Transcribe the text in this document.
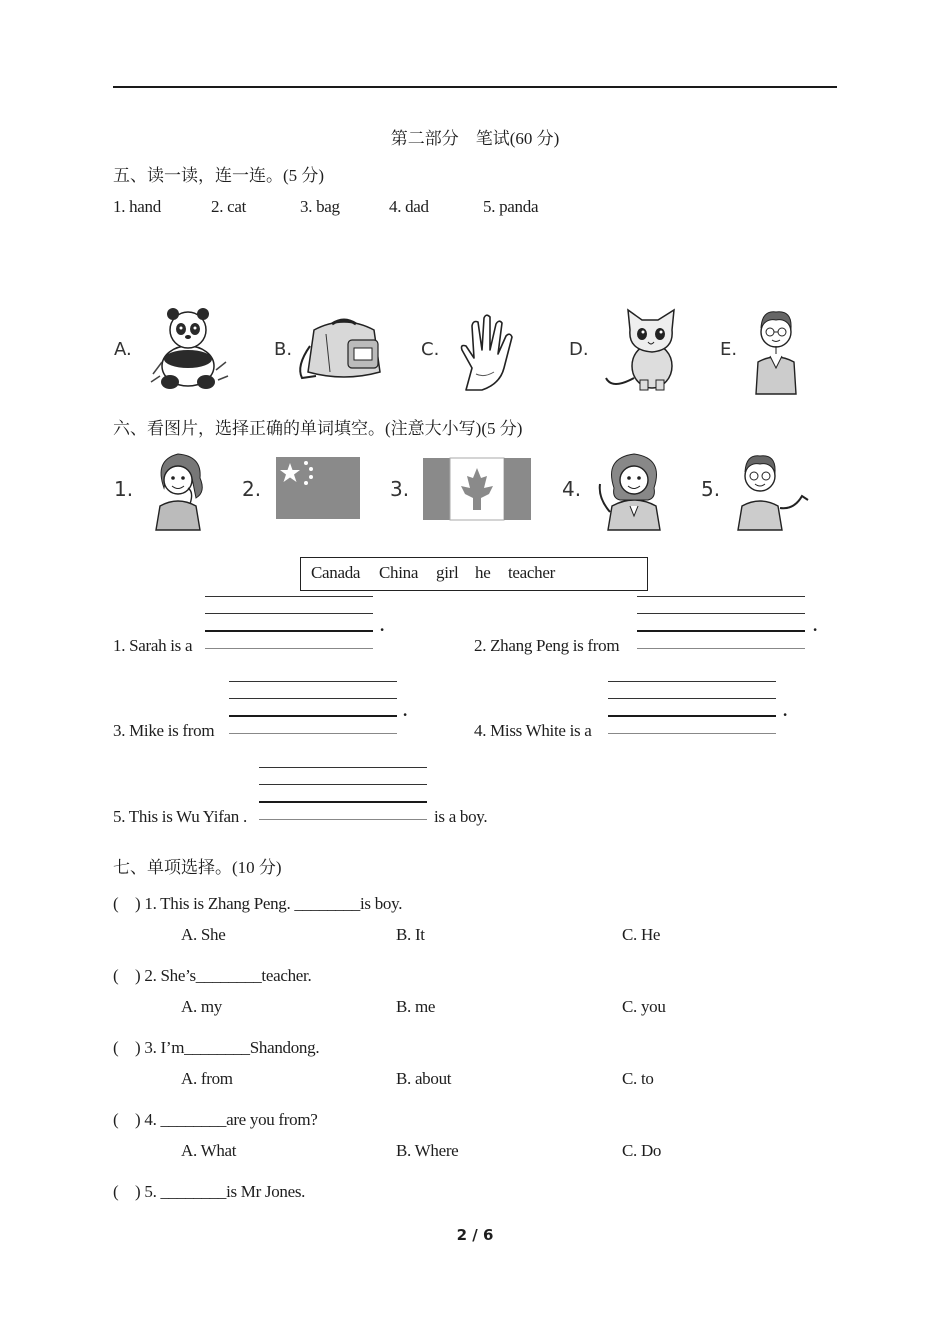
第二部分　笔试(60 分)
五、读一读，连一连。(5 分)
1. hand	2. cat	3. bag	4. dad	5. panda
A.	B.	C.	D.	E.
六、看图片，选择正确的单词填空。(注意大小写)(5 分)
1.	2.	3.	4.	5.
Canada China girl he teacher
1. Sarah is a
.
2. Zhang Peng is from
.
3. Mike is from
.
4. Miss White is a
.
5. This is Wu Yifan .	is a boy.
七、单项选择。(10 分)
(　) 1. This is Zhang Peng. ________is boy.
A. She	B. It	C. He
(　) 2. She’s________teacher.
A. my	B. me	C. you
(　) 3. I’m________Shandong.
A. from	B. about	C. to
(　) 4. ________are you from?
A. What	B. Where	C. Do
(　) 5. ________is Mr Jones.
2 / 6
